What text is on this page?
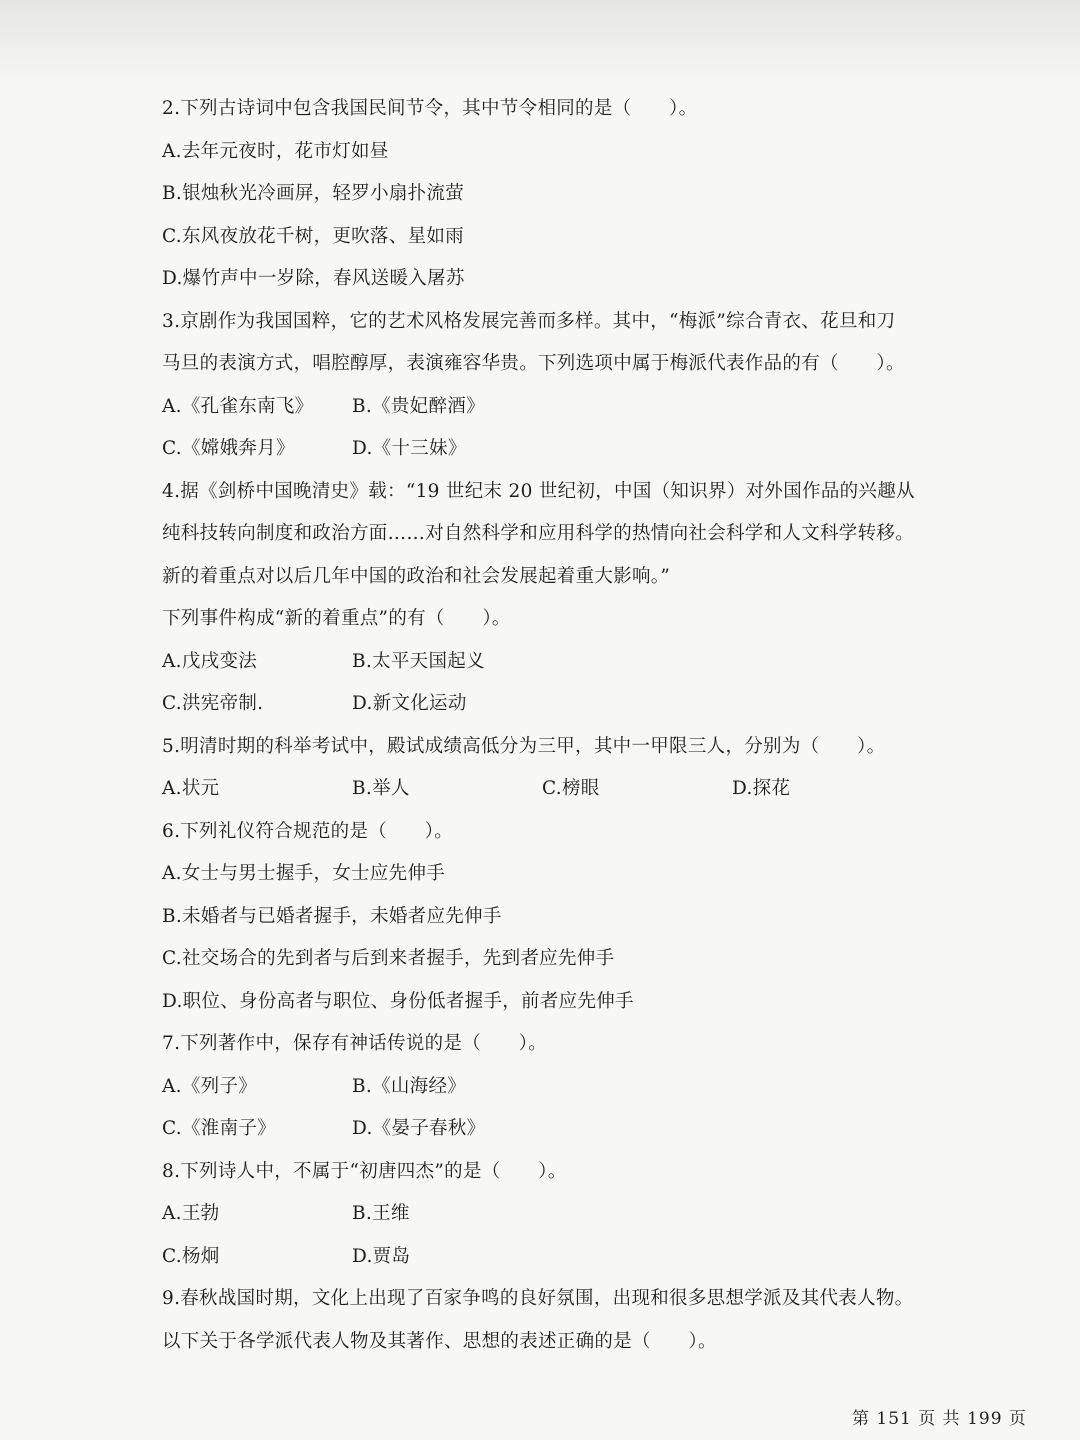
2.下列古诗词中包含我国民间节令，其中节令相同的是（　　）。
A.去年元夜时，花市灯如昼
B.银烛秋光冷画屏，轻罗小扇扑流萤
C.东风夜放花千树，更吹落、星如雨
D.爆竹声中一岁除，春风送暖入屠苏
3.京剧作为我国国粹，它的艺术风格发展完善而多样。其中，“梅派”综合青衣、花旦和刀
马旦的表演方式，唱腔醇厚，表演雍容华贵。下列选项中属于梅派代表作品的有（　　）。
A.《孔雀东南飞》	B.《贵妃醉酒》
C.《嫦娥奔月》	D.《十三妹》
4.据《剑桥中国晚清史》载：“19 世纪末 20 世纪初，中国（知识界）对外国作品的兴趣从
纯科技转向制度和政治方面……对自然科学和应用科学的热情向社会科学和人文科学转移。
新的着重点对以后几年中国的政治和社会发展起着重大影响。”
下列事件构成“新的着重点”的有（　　）。
A.戊戌变法	B.太平天国起义
C.洪宪帝制.	D.新文化运动
5.明清时期的科举考试中，殿试成绩高低分为三甲，其中一甲限三人，分别为（　　）。
A.状元	B.举人	C.榜眼	D.探花
6.下列礼仪符合规范的是（　　）。
A.女士与男士握手，女士应先伸手
B.未婚者与已婚者握手，未婚者应先伸手
C.社交场合的先到者与后到来者握手，先到者应先伸手
D.职位、身份高者与职位、身份低者握手，前者应先伸手
7.下列著作中，保存有神话传说的是（　　）。
A.《列子》	B.《山海经》
C.《淮南子》	D.《晏子春秋》
8.下列诗人中，不属于“初唐四杰”的是（　　）。
A.王勃	B.王维
C.杨炯	D.贾岛
9.春秋战国时期，文化上出现了百家争鸣的良好氛围，出现和很多思想学派及其代表人物。
以下关于各学派代表人物及其著作、思想的表述正确的是（　　）。
第 151 页 共 199 页
